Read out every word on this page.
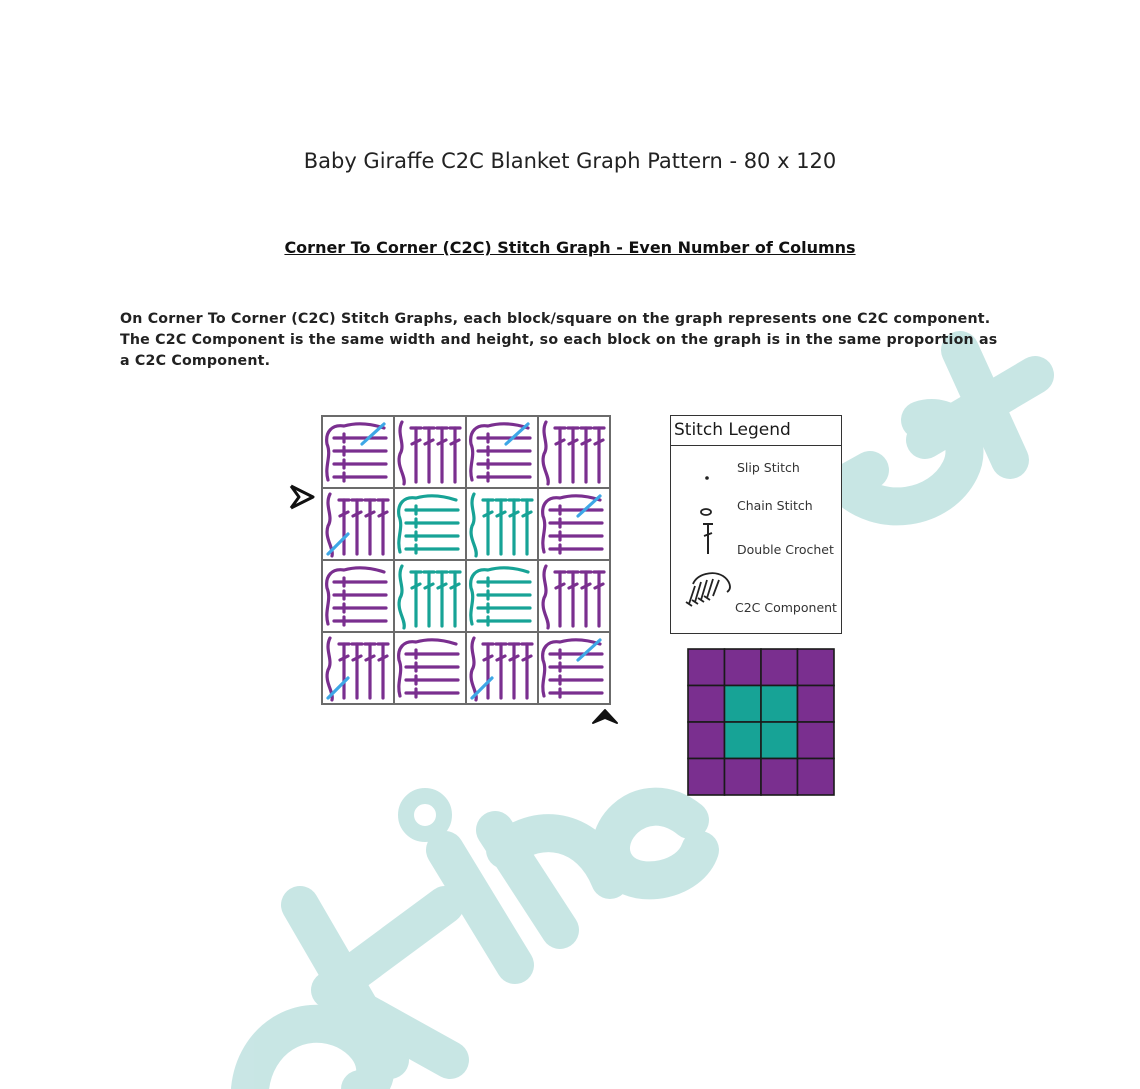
Baby Giraffe C2C Blanket Graph Pattern - 80 x 120
Corner To Corner (C2C) Stitch Graph - Even Number of Columns
On Corner To Corner (C2C) Stitch Graphs, each block/square on the graph represents one C2C component. The C2C Component is the same width and height, so each block on the graph is in the same proportion as a C2C Component.
Stitch Legend
Slip Stitch
Chain Stitch
Double Crochet
C2C Component
